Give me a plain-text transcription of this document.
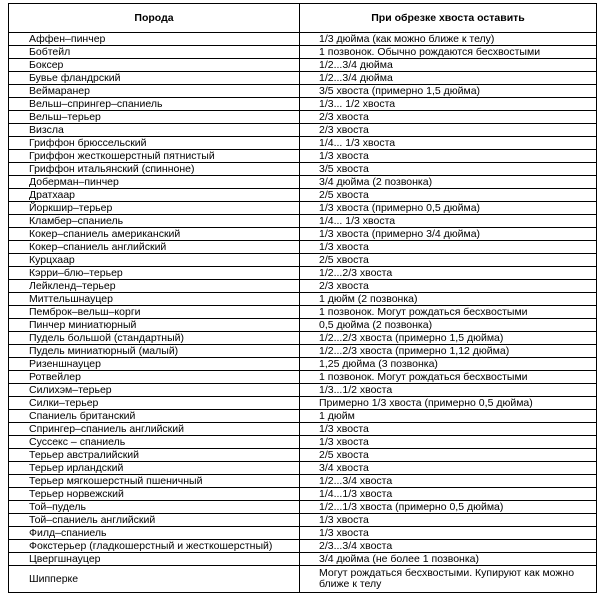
Порода	При обрезке хвоста оставить
Аффен–пинчер	1/3 дюйма (как можно ближе к телу)
Бобтейл	1 позвонок. Обычно рождаются бесхвостыми
Боксер	1/2...3/4 дюйма
Бувье фландрский	1/2...3/4 дюйма
Веймаранер	3/5 хвоста (примерно 1,5 дюйма)
Вельш–спрингер–спаниель	1/3... 1/2 хвоста
Вельш–терьер	2/3 хвоста
Визсла	2/3 хвоста
Гриффон брюссельский	1/4... 1/3 хвоста
Гриффон жесткошерстный пятнистый	1/3 хвоста
Гриффон итальянский (спинноне)	3/5 хвоста
Доберман–пинчер	3/4 дюйма (2 позвонка)
Дратхаар	2/5 хвоста
Йоркшир–терьер	1/3 хвоста (примерно 0,5 дюйма)
Кламбер–спаниель	1/4... 1/3 хвоста
Кокер–спаниель американский	1/3 хвоста (примерно 3/4 дюйма)
Кокер–спаниель английский	1/3 хвоста
Курцхаар	2/5 хвоста
Кэрри–блю–терьер	1/2...2/3 хвоста
Лейкленд–терьер	2/3 хвоста
Миттельшнауцер	1 дюйм (2 позвонка)
Пемброк–вельш–корги	1 позвонок. Могут рождаться бесхвостыми
Пинчер миниатюрный	0,5 дюйма (2 позвонка)
Пудель большой (стандартный)	1/2...2/3 хвоста (примерно 1,5 дюйма)
Пудель миниатюрный (малый)	1/2...2/3 хвоста (примерно 1,12 дюйма)
Ризеншнауцер	1,25 дюйма (3 позвонка)
Ротвейлер	1 позвонок. Могут рождаться бесхвостыми
Силихэм–терьер	1/3...1/2 хвоста
Силки–терьер	Примерно 1/3 хвоста (примерно 0,5 дюйма)
Спаниель британский	1 дюйм
Спрингер–спаниель английский	1/3 хвоста
Суссекс – спаниель	1/3 хвоста
Терьер австралийский	2/5 хвоста
Терьер ирландский	3/4 хвоста
Терьер мягкошерстный пшеничный	1/2...3/4 хвоста
Терьер норвежский	1/4...1/3 хвоста
Той–пудель	1/2...1/3 хвоста (примерно 0,5 дюйма)
Той–спаниель английский	1/3 хвоста
Филд–спаниель	1/3 хвоста
Фокстерьер (гладкошерстный и жесткошерстный)	2/3...3/4 хвоста
Цвергшнауцер	3/4 дюйма (не более 1 позвонка)
Шипперке	Могут рождаться бесхвостыми. Купируют как можно ближе к телу
